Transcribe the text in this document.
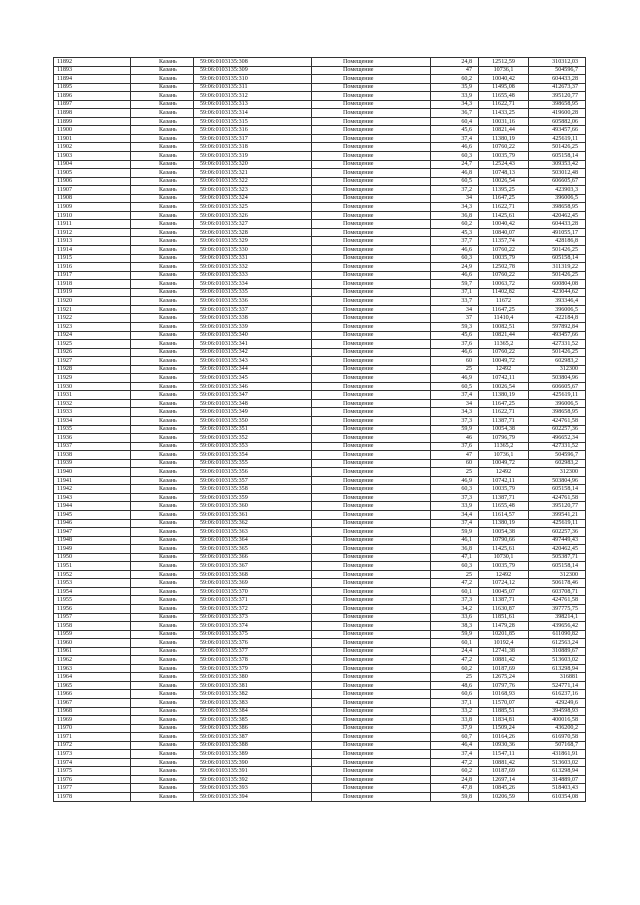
11892	Казань	59:06:0103135:308	Помещение	24,8	12512,59	310312,03
11893	Казань	59:06:0103135:309	Помещение	47	10736,1	504596,7
11894	Казань	59:06:0103135:310	Помещение	60,2	10040,42	604433,28
11895	Казань	59:06:0103135:311	Помещение	35,9	11495,08	412673,37
11896	Казань	59:06:0103135:312	Помещение	33,9	11655,48	395120,77
11897	Казань	59:06:0103135:313	Помещение	34,3	11622,71	398658,95
11898	Казань	59:06:0103135:314	Помещение	36,7	11433,25	419600,28
11899	Казань	59:06:0103135:315	Помещение	60,4	10031,16	605882,06
11900	Казань	59:06:0103135:316	Помещение	45,6	10821,44	493457,66
11901	Казань	59:06:0103135:317	Помещение	37,4	11380,19	425619,11
11902	Казань	59:06:0103135:318	Помещение	46,6	10760,22	501426,25
11903	Казань	59:06:0103135:319	Помещение	60,3	10035,79	605158,14
11904	Казань	59:06:0103135:320	Помещение	24,7	12524,43	309353,42
11905	Казань	59:06:0103135:321	Помещение	46,8	10748,13	503012,48
11906	Казань	59:06:0103135:322	Помещение	60,5	10026,54	606605,67
11907	Казань	59:06:0103135:323	Помещение	37,2	11395,25	423903,3
11908	Казань	59:06:0103135:324	Помещение	34	11647,25	396006,5
11909	Казань	59:06:0103135:325	Помещение	34,3	11622,71	398658,95
11910	Казань	59:06:0103135:326	Помещение	36,8	11425,61	420462,45
11911	Казань	59:06:0103135:327	Помещение	60,2	10040,42	604433,28
11912	Казань	59:06:0103135:328	Помещение	45,3	10840,07	491055,17
11913	Казань	59:06:0103135:329	Помещение	37,7	11357,74	428186,8
11914	Казань	59:06:0103135:330	Помещение	46,6	10760,22	501426,25
11915	Казань	59:06:0103135:331	Помещение	60,3	10035,79	605158,14
11916	Казань	59:06:0103135:332	Помещение	24,9	12502,78	311319,22
11917	Казань	59:06:0103135:333	Помещение	46,6	10760,22	501426,25
11918	Казань	59:06:0103135:334	Помещение	59,7	10063,72	600804,08
11919	Казань	59:06:0103135:335	Помещение	37,1	11402,82	423044,62
11920	Казань	59:06:0103135:336	Помещение	33,7	11672	393346,4
11921	Казань	59:06:0103135:337	Помещение	34	11647,25	396006,5
11922	Казань	59:06:0103135:338	Помещение	37	11410,4	422184,8
11923	Казань	59:06:0103135:339	Помещение	59,3	10082,51	597892,84
11924	Казань	59:06:0103135:340	Помещение	45,6	10821,44	493457,66
11925	Казань	59:06:0103135:341	Помещение	37,6	11365,2	427331,52
11926	Казань	59:06:0103135:342	Помещение	46,6	10760,22	501426,25
11927	Казань	59:06:0103135:343	Помещение	60	10049,72	602983,2
11928	Казань	59:06:0103135:344	Помещение	25	12492	312300
11929	Казань	59:06:0103135:345	Помещение	46,9	10742,11	503804,96
11930	Казань	59:06:0103135:346	Помещение	60,5	10026,54	606605,67
11931	Казань	59:06:0103135:347	Помещение	37,4	11380,19	425619,11
11932	Казань	59:06:0103135:348	Помещение	34	11647,25	396006,5
11933	Казань	59:06:0103135:349	Помещение	34,3	11622,71	398658,95
11934	Казань	59:06:0103135:350	Помещение	37,3	11387,71	424761,58
11935	Казань	59:06:0103135:351	Помещение	59,9	10054,38	602257,36
11936	Казань	59:06:0103135:352	Помещение	46	10796,79	496652,34
11937	Казань	59:06:0103135:353	Помещение	37,6	11365,2	427331,52
11938	Казань	59:06:0103135:354	Помещение	47	10736,1	504596,7
11939	Казань	59:06:0103135:355	Помещение	60	10049,72	602983,2
11940	Казань	59:06:0103135:356	Помещение	25	12492	312300
11941	Казань	59:06:0103135:357	Помещение	46,9	10742,11	503804,96
11942	Казань	59:06:0103135:358	Помещение	60,3	10035,79	605158,14
11943	Казань	59:06:0103135:359	Помещение	37,3	11387,71	424761,58
11944	Казань	59:06:0103135:360	Помещение	33,9	11655,48	395120,77
11945	Казань	59:06:0103135:361	Помещение	34,4	11614,57	399541,21
11946	Казань	59:06:0103135:362	Помещение	37,4	11380,19	425619,11
11947	Казань	59:06:0103135:363	Помещение	59,9	10054,38	602257,36
11948	Казань	59:06:0103135:364	Помещение	46,1	10790,66	497449,43
11949	Казань	59:06:0103135:365	Помещение	36,8	11425,61	420462,45
11950	Казань	59:06:0103135:366	Помещение	47,1	10730,1	505387,71
11951	Казань	59:06:0103135:367	Помещение	60,3	10035,79	605158,14
11952	Казань	59:06:0103135:368	Помещение	25	12492	312300
11953	Казань	59:06:0103135:369	Помещение	47,2	10724,12	506178,46
11954	Казань	59:06:0103135:370	Помещение	60,1	10045,07	603708,71
11955	Казань	59:06:0103135:371	Помещение	37,3	11387,71	424761,58
11956	Казань	59:06:0103135:372	Помещение	34,2	11630,87	397775,75
11957	Казань	59:06:0103135:373	Помещение	33,6	11851,61	398214,1
11958	Казань	59:06:0103135:374	Помещение	38,3	11479,28	439656,42
11959	Казань	59:06:0103135:375	Помещение	59,9	10201,85	611090,82
11960	Казань	59:06:0103135:376	Помещение	60,1	10192,4	612563,24
11961	Казань	59:06:0103135:377	Помещение	24,4	12741,38	310889,67
11962	Казань	59:06:0103135:378	Помещение	47,2	10881,42	513603,02
11963	Казань	59:06:0103135:379	Помещение	60,2	10187,69	613298,94
11964	Казань	59:06:0103135:380	Помещение	25	12675,24	316881
11965	Казань	59:06:0103135:381	Помещение	48,6	10797,76	524771,14
11966	Казань	59:06:0103135:382	Помещение	60,6	10168,93	616237,16
11967	Казань	59:06:0103135:383	Помещение	37,1	11570,07	429249,6
11968	Казань	59:06:0103135:384	Помещение	33,2	11885,51	394598,93
11969	Казань	59:06:0103135:385	Помещение	33,8	11834,81	400016,58
11970	Казань	59:06:0103135:386	Помещение	37,9	11509,24	436200,2
11971	Казань	59:06:0103135:387	Помещение	60,7	10164,26	616970,58
11972	Казань	59:06:0103135:388	Помещение	46,4	10930,36	507168,7
11973	Казань	59:06:0103135:389	Помещение	37,4	11547,11	431861,91
11974	Казань	59:06:0103135:390	Помещение	47,2	10881,42	513603,02
11975	Казань	59:06:0103135:391	Помещение	60,2	10187,69	613298,94
11976	Казань	59:06:0103135:392	Помещение	24,8	12697,14	314889,07
11977	Казань	59:06:0103135:393	Помещение	47,8	10845,26	518403,43
11978	Казань	59:06:0103135:394	Помещение	59,8	10206,59	610354,08
